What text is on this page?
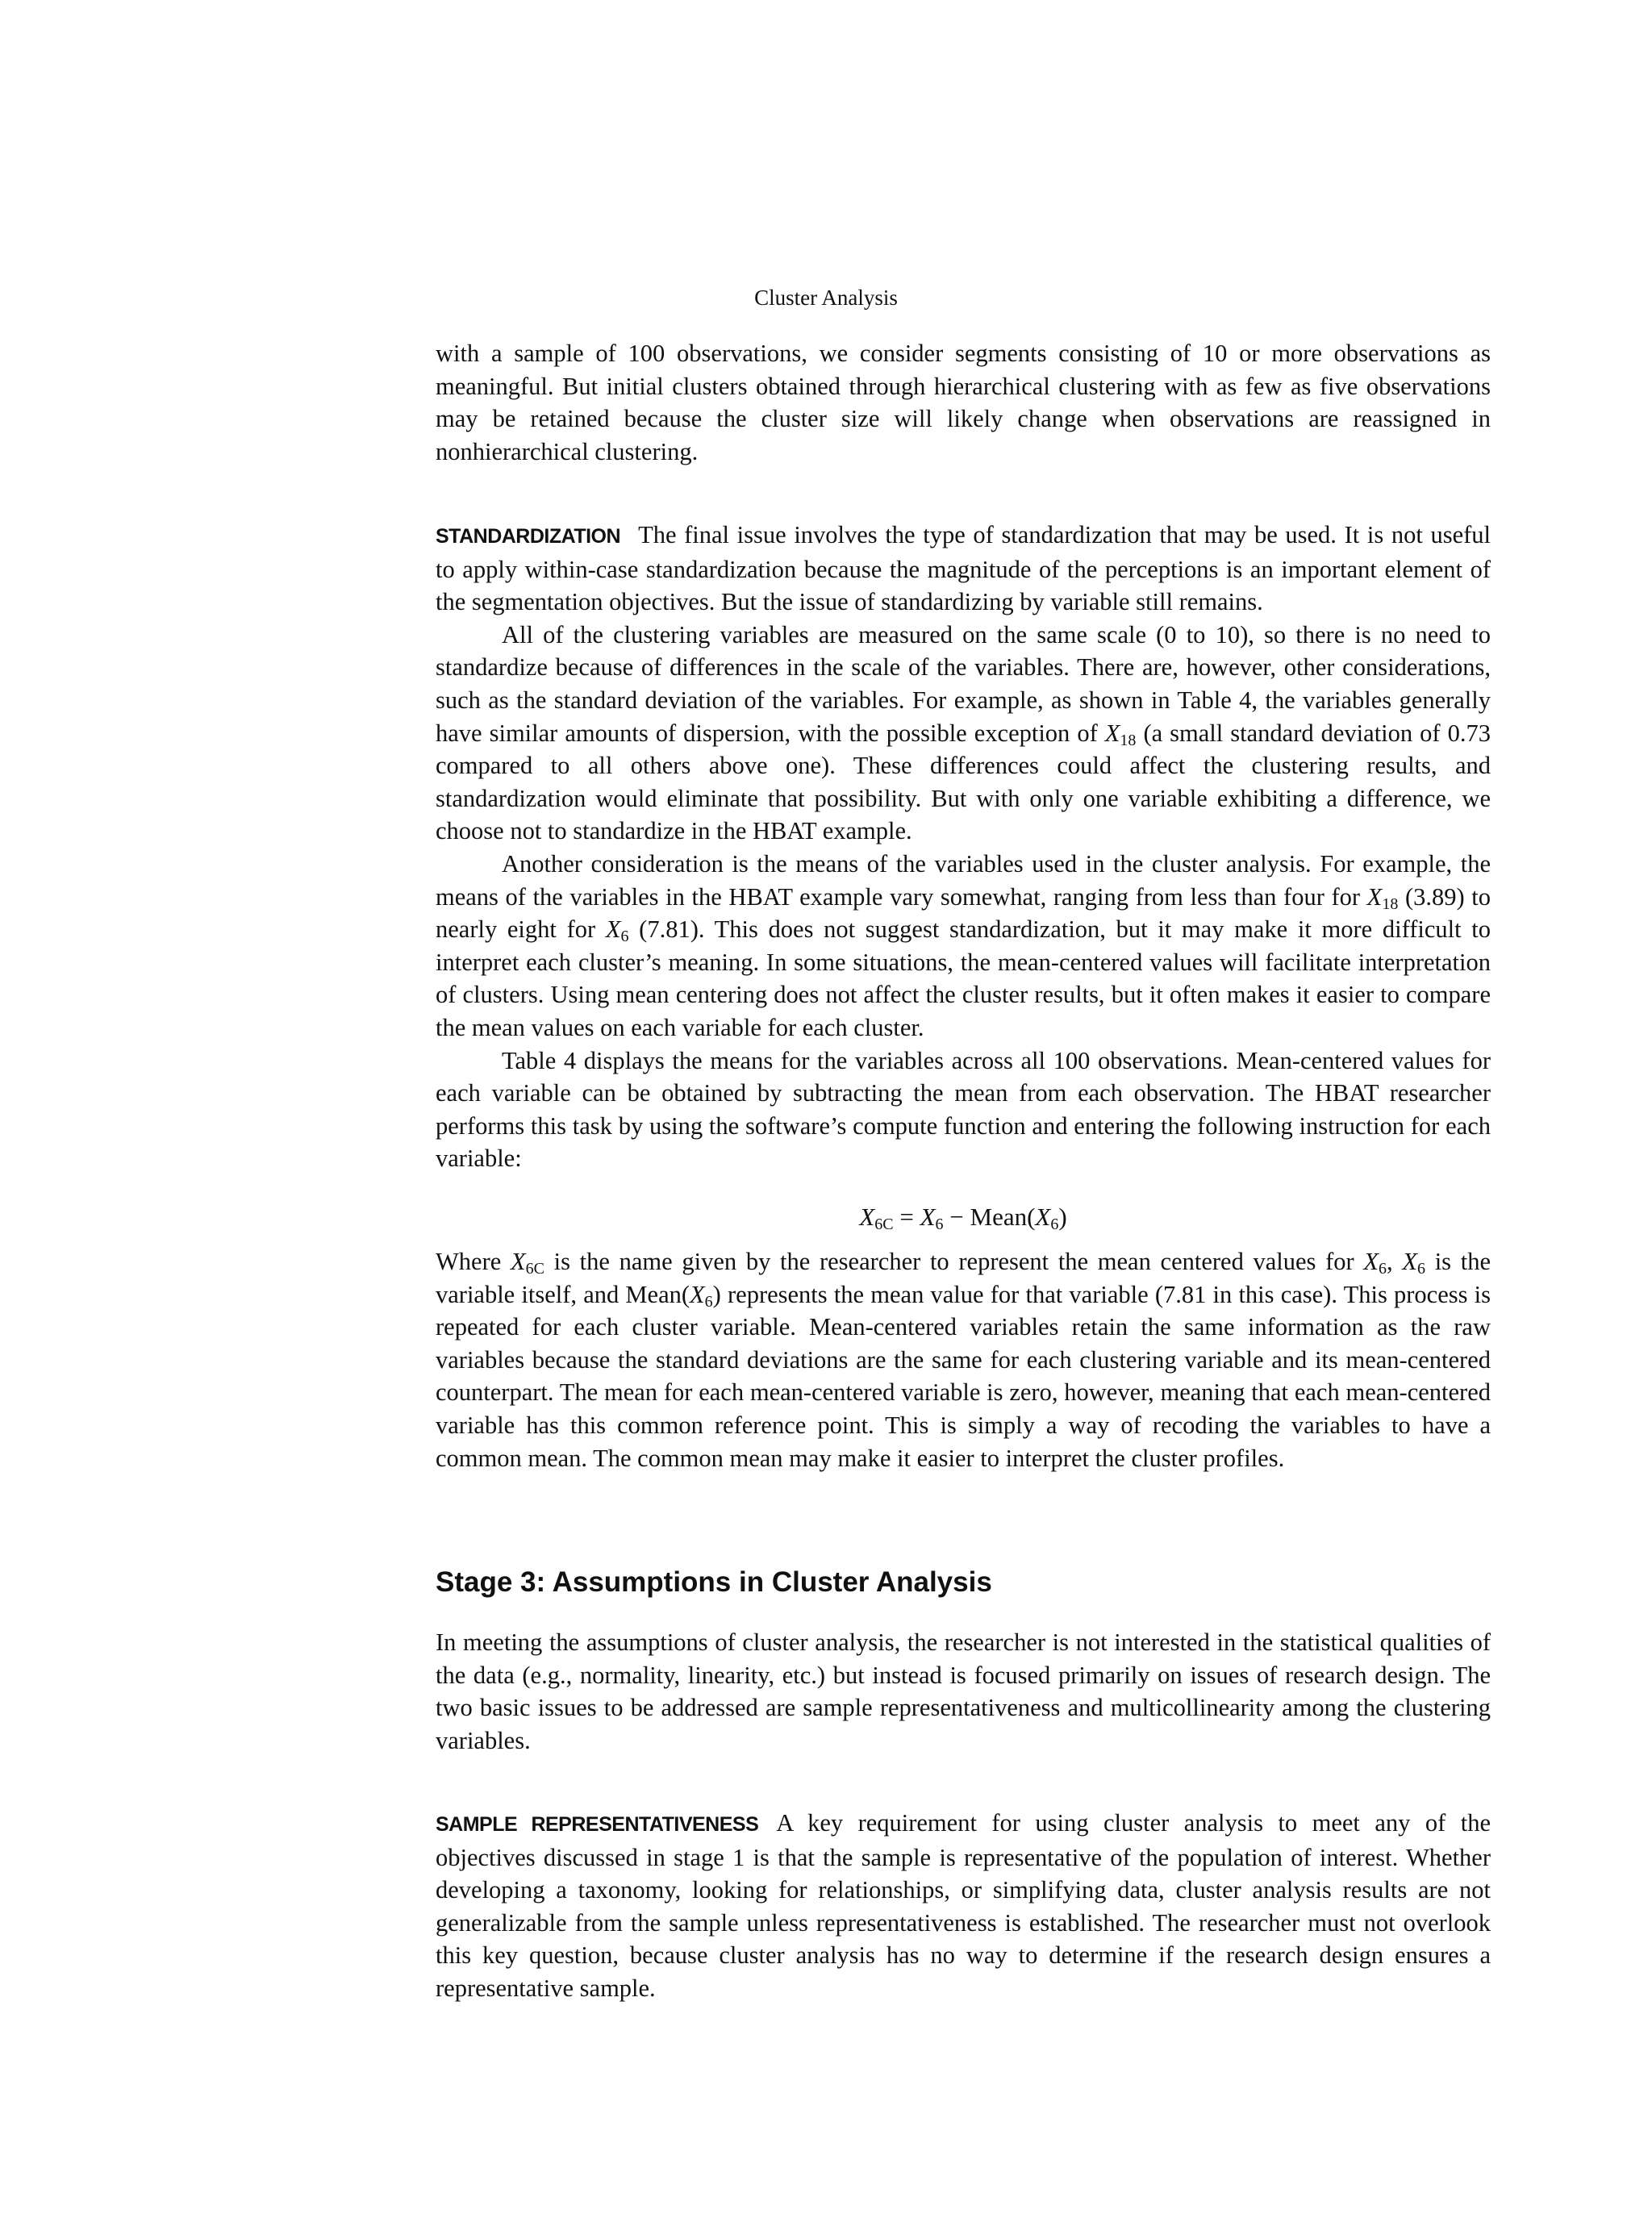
Cluster Analysis

with a sample of 100 observations, we consider segments consisting of 10 or more observations as meaningful. But initial clusters obtained through hierarchical clustering with as few as five observations may be retained because the cluster size will likely change when observations are reassigned in nonhierarchical clustering.

STANDARDIZATION The final issue involves the type of standardization that may be used. It is not useful to apply within-case standardization because the magnitude of the perceptions is an important element of the segmentation objectives. But the issue of standardizing by variable still remains.

All of the clustering variables are measured on the same scale (0 to 10), so there is no need to standardize because of differences in the scale of the variables. There are, however, other considerations, such as the standard deviation of the variables. For example, as shown in Table 4, the variables generally have similar amounts of dispersion, with the possible exception of $X_{18}$ (a small standard deviation of 0.73 compared to all others above one). These differences could affect the clustering results, and standardization would eliminate that possibility. But with only one variable exhibiting a difference, we choose not to standardize in the HBAT example.

Another consideration is the means of the variables used in the cluster analysis. For example, the means of the variables in the HBAT example vary somewhat, ranging from less than four for $X_{18}$ (3.89) to nearly eight for $X_6$ (7.81). This does not suggest standardization, but it may make it more difficult to interpret each cluster’s meaning. In some situations, the mean-centered values will facilitate interpretation of clusters. Using mean centering does not affect the cluster results, but it often makes it easier to compare the mean values on each variable for each cluster.

Table 4 displays the means for the variables across all 100 observations. Mean-centered values for each variable can be obtained by subtracting the mean from each observation. The HBAT researcher performs this task by using the software’s compute function and entering the following instruction for each variable:

$X_{6C} = X_6$ − $Mean(X_6)$

Where $X_{6C}$ is the name given by the researcher to represent the mean centered values for $X_6$, $X_6$ is the variable itself, and $Mean(X_6)$ represents the mean value for that variable (7.81 in this case). This process is repeated for each cluster variable. Mean-centered variables retain the same information as the raw variables because the standard deviations are the same for each clustering variable and its mean-centered counterpart. The mean for each mean-centered variable is zero, however, meaning that each mean-centered variable has this common reference point. This is simply a way of recoding the variables to have a common mean. The common mean may make it easier to interpret the cluster profiles.

Stage 3: Assumptions in Cluster Analysis

In meeting the assumptions of cluster analysis, the researcher is not interested in the statistical qualities of the data (e.g., normality, linearity, etc.) but instead is focused primarily on issues of research design. The two basic issues to be addressed are sample representativeness and multicollinearity among the clustering variables.

SAMPLE REPRESENTATIVENESS A key requirement for using cluster analysis to meet any of the objectives discussed in stage 1 is that the sample is representative of the population of interest. Whether developing a taxonomy, looking for relationships, or simplifying data, cluster analysis results are not generalizable from the sample unless representativeness is established. The researcher must not overlook this key question, because cluster analysis has no way to determine if the research design ensures a representative sample.
